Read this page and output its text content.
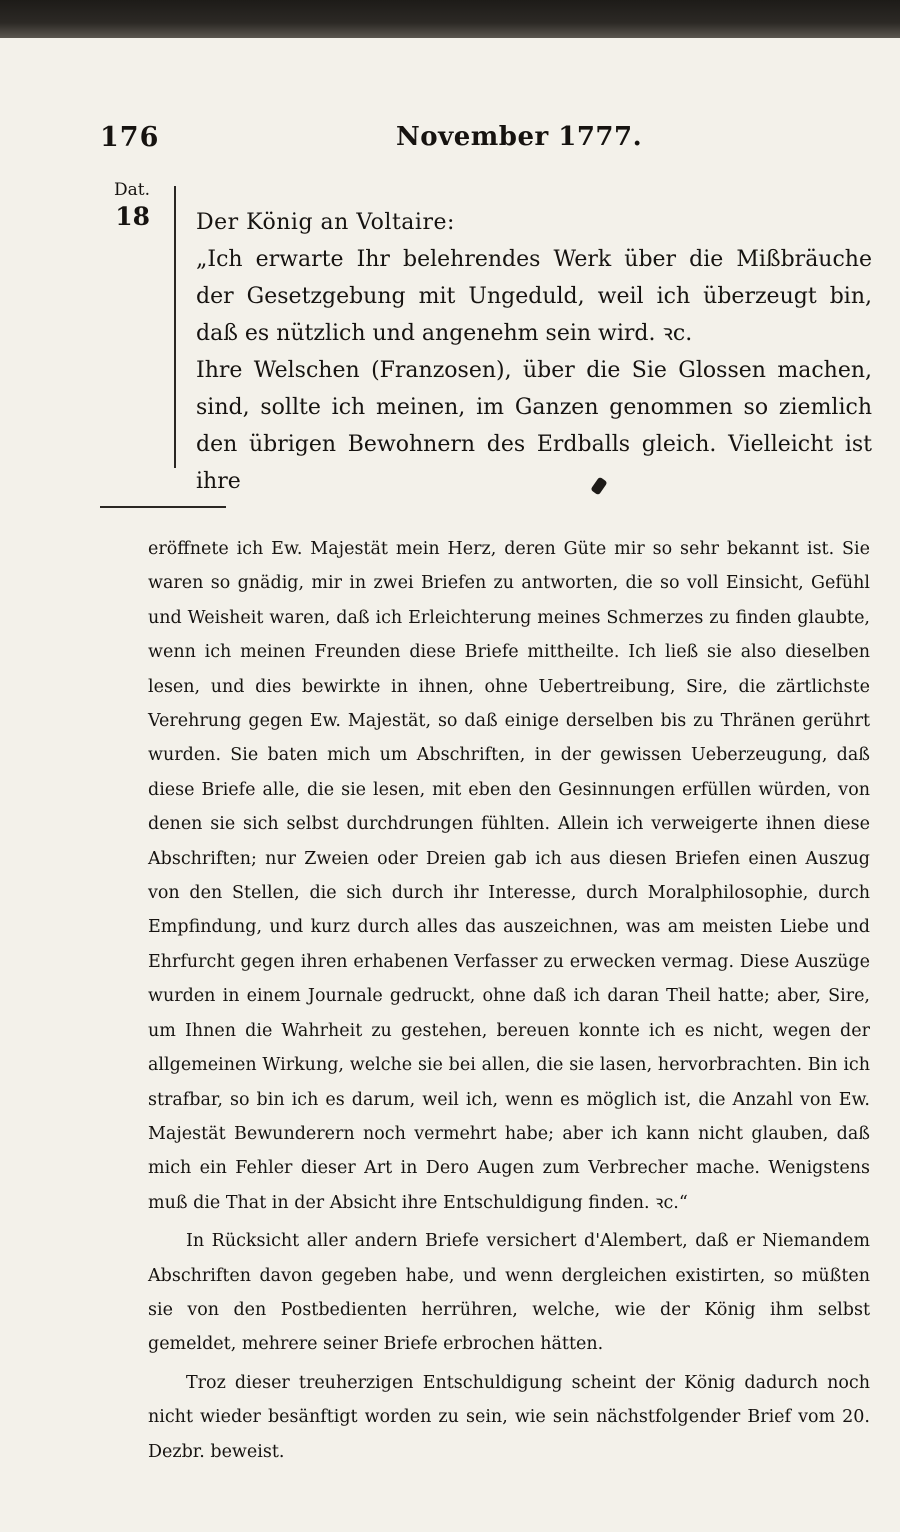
176	November 1777.
Dat.
18 Der König an Voltaire:

„Ich erwarte Ihr belehrendes Werk über die Mißbräuche der Gesetzgebung mit Ungeduld, weil ich überzeugt bin, daß es nützlich und angenehm sein wird. ꝛc.

Ihre Welschen (Franzosen), über die Sie Glossen machen, sind, sollte ich meinen, im Ganzen genommen so ziemlich den übrigen Bewohnern des Erdballs gleich. Vielleicht ist ihre

eröffnete ich Ew. Majestät mein Herz, deren Güte mir so sehr bekannt ist. Sie waren so gnädig, mir in zwei Briefen zu antworten, die so voll Einsicht, Gefühl und Weisheit waren, daß ich Erleichterung meines Schmerzes zu finden glaubte, wenn ich meinen Freunden diese Briefe mittheilte. Ich ließ sie also dieselben lesen, und dies bewirkte in ihnen, ohne Uebertreibung, Sire, die zärtlichste Verehrung gegen Ew. Majestät, so daß einige derselben bis zu Thränen gerührt wurden. Sie baten mich um Abschriften, in der gewissen Ueberzeugung, daß diese Briefe alle, die sie lesen, mit eben den Gesinnungen erfüllen würden, von denen sie sich selbst durchdrungen fühlten. Allein ich verweigerte ihnen diese Abschriften; nur Zweien oder Dreien gab ich aus diesen Briefen einen Auszug von den Stellen, die sich durch ihr Interesse, durch Moralphilosophie, durch Empfindung, und kurz durch alles das auszeichnen, was am meisten Liebe und Ehrfurcht gegen ihren erhabenen Verfasser zu erwecken vermag. Diese Auszüge wurden in einem Journale gedruckt, ohne daß ich daran Theil hatte; aber, Sire, um Ihnen die Wahrheit zu gestehen, bereuen konnte ich es nicht, wegen der allgemeinen Wirkung, welche sie bei allen, die sie lasen, hervorbrachten. Bin ich strafbar, so bin ich es darum, weil ich, wenn es möglich ist, die Anzahl von Ew. Majestät Bewunderern noch vermehrt habe; aber ich kann nicht glauben, daß mich ein Fehler dieser Art in Dero Augen zum Verbrecher mache. Wenigstens muß die That in der Absicht ihre Entschuldigung finden. ꝛc.“

In Rücksicht aller andern Briefe versichert d'Alembert, daß er Niemandem Abschriften davon gegeben habe, und wenn dergleichen existirten, so müßten sie von den Postbedienten herrühren, welche, wie der König ihm selbst gemeldet, mehrere seiner Briefe erbrochen hätten.

Troz dieser treuherzigen Entschuldigung scheint der König dadurch noch nicht wieder besänftigt worden zu sein, wie sein nächstfolgender Brief vom 20. Dezbr. beweist.
